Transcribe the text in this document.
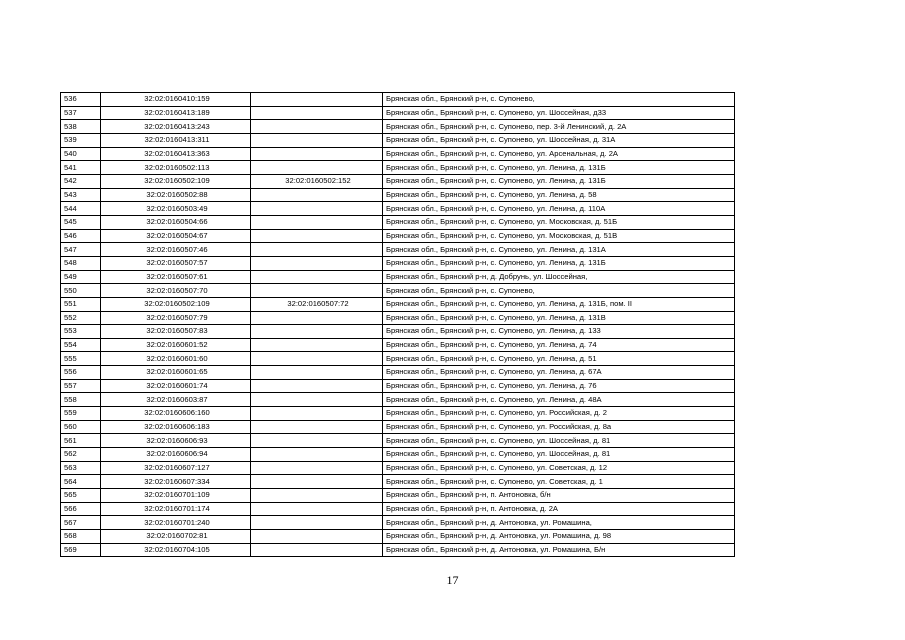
536	32:02:0160410:159		Брянская обл., Брянский р-н, с. Супонево,
537	32:02:0160413:189		Брянская обл., Брянский р-н, с. Супонево, ул. Шоссейная, д33
538	32:02:0160413:243		Брянская обл., Брянский р-н, с. Супонево, пер. 3-й Ленинский, д. 2А
539	32:02:0160413:311		Брянская обл., Брянский р-н, с. Супонево, ул. Шоссейная, д. 31А
540	32:02:0160413:363		Брянская обл., Брянский р-н, с. Супонево, ул. Арсенальная, д. 2А
541	32:02:0160502:113		Брянская обл., Брянский р-н, с. Супонево, ул. Ленина, д. 131Б
542	32:02:0160502:109	32:02:0160502:152	Брянская обл., Брянский р-н, с. Супонево, ул. Ленина, д. 131Б
543	32:02:0160502:88		Брянская обл., Брянский р-н, с. Супонево, ул. Ленина, д. 58
544	32:02:0160503:49		Брянская обл., Брянский р-н, с. Супонево, ул. Ленина, д. 110А
545	32:02:0160504:66		Брянская обл., Брянский р-н, с. Супонево, ул. Московская, д. 51Б
546	32:02:0160504:67		Брянская обл., Брянский р-н, с. Супонево, ул. Московская, д. 51В
547	32:02:0160507:46		Брянская обл., Брянский р-н, с. Супонево, ул. Ленина, д. 131А
548	32:02:0160507:57		Брянская обл., Брянский р-н, с. Супонево, ул. Ленина, д. 131Б
549	32:02:0160507:61		Брянская обл., Брянский р-н, д. Добрунь, ул. Шоссейная,
550	32:02:0160507:70		Брянская обл., Брянский р-н, с. Супонево,
551	32:02:0160502:109	32:02:0160507:72	Брянская обл., Брянский р-н, с. Супонево, ул. Ленина, д. 131Б, пом. II
552	32:02:0160507:79		Брянская обл., Брянский р-н, с. Супонево, ул. Ленина, д. 131В
553	32:02:0160507:83		Брянская обл., Брянский р-н, с. Супонево, ул. Ленина, д. 133
554	32:02:0160601:52		Брянская обл., Брянский р-н, с. Супонево, ул. Ленина, д. 74
555	32:02:0160601:60		Брянская обл., Брянский р-н, с. Супонево, ул. Ленина, д. 51
556	32:02:0160601:65		Брянская обл., Брянский р-н, с. Супонево, ул. Ленина, д. 67А
557	32:02:0160601:74		Брянская обл., Брянский р-н, с. Супонево, ул. Ленина, д. 76
558	32:02:0160603:87		Брянская обл., Брянский р-н, с. Супонево, ул. Ленина, д. 48А
559	32:02:0160606:160		Брянская обл., Брянский р-н, с. Супонево, ул. Российская, д. 2
560	32:02:0160606:183		Брянская обл., Брянский р-н, с. Супонево, ул. Российская, д. 8а
561	32:02:0160606:93		Брянская обл., Брянский р-н, с. Супонево, ул. Шоссейная, д. 81
562	32:02:0160606:94		Брянская обл., Брянский р-н, с. Супонево, ул. Шоссейная, д. 81
563	32:02:0160607:127		Брянская обл., Брянский р-н, с. Супонево, ул. Советская, д. 12
564	32:02:0160607:334		Брянская обл., Брянский р-н, с. Супонево, ул. Советская, д. 1
565	32:02:0160701:109		Брянская обл., Брянский р-н, п. Антоновка, б/н
566	32:02:0160701:174		Брянская обл., Брянский р-н, п. Антоновка, д. 2А
567	32:02:0160701:240		Брянская обл., Брянский р-н, д. Антоновка, ул. Ромашина,
568	32:02:0160702:81		Брянская обл., Брянский р-н, д. Антоновка, ул. Ромашина, д. 98
569	32:02:0160704:105		Брянская обл., Брянский р-н, д. Антоновка, ул. Ромашина, Б/н
17
